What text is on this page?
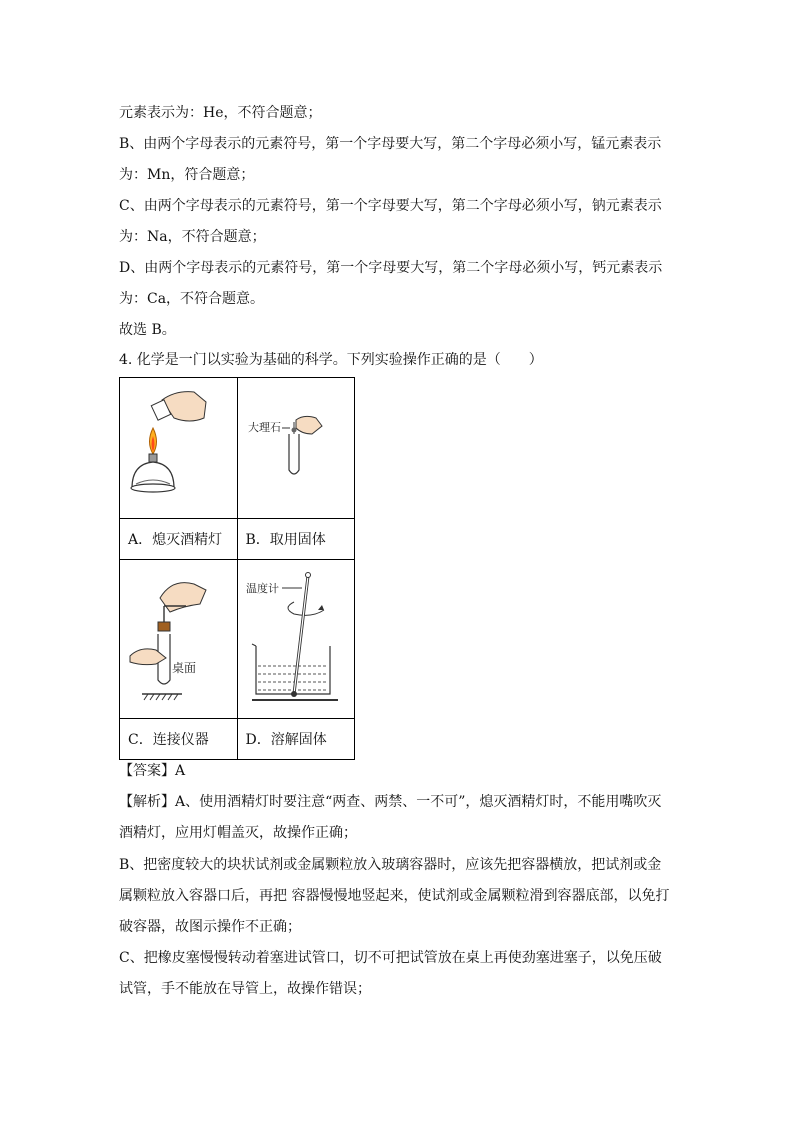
元素表示为：He，不符合题意；
B、由两个字母表示的元素符号，第一个字母要大写，第二个字母必须小写，锰元素表示
为：Mn，符合题意；
C、由两个字母表示的元素符号，第一个字母要大写，第二个字母必须小写，钠元素表示
为：Na，不符合题意；
D、由两个字母表示的元素符号，第一个字母要大写，第二个字母必须小写，钙元素表示
为：Ca，不符合题意。
故选 B。
4. 化学是一门以实验为基础的科学。下列实验操作正确的是（　　）

大理石

A．熄灭酒精灯	B．取用固体

桌面	温度计

C．连接仪器	D．溶解固体
【答案】A
【解析】A、使用酒精灯时要注意“两查、两禁、一不可”，熄灭酒精灯时，不能用嘴吹灭
酒精灯，应用灯帽盖灭，故操作正确；
B、把密度较大的块状试剂或金属颗粒放入玻璃容器时，应该先把容器横放，把试剂或金
属颗粒放入容器口后，再把 容器慢慢地竖起来，使试剂或金属颗粒滑到容器底部，以免打
破容器，故图示操作不正确；
C、把橡皮塞慢慢转动着塞进试管口，切不可把试管放在桌上再使劲塞进塞子，以免压破
试管，手不能放在导管上，故操作错误；
